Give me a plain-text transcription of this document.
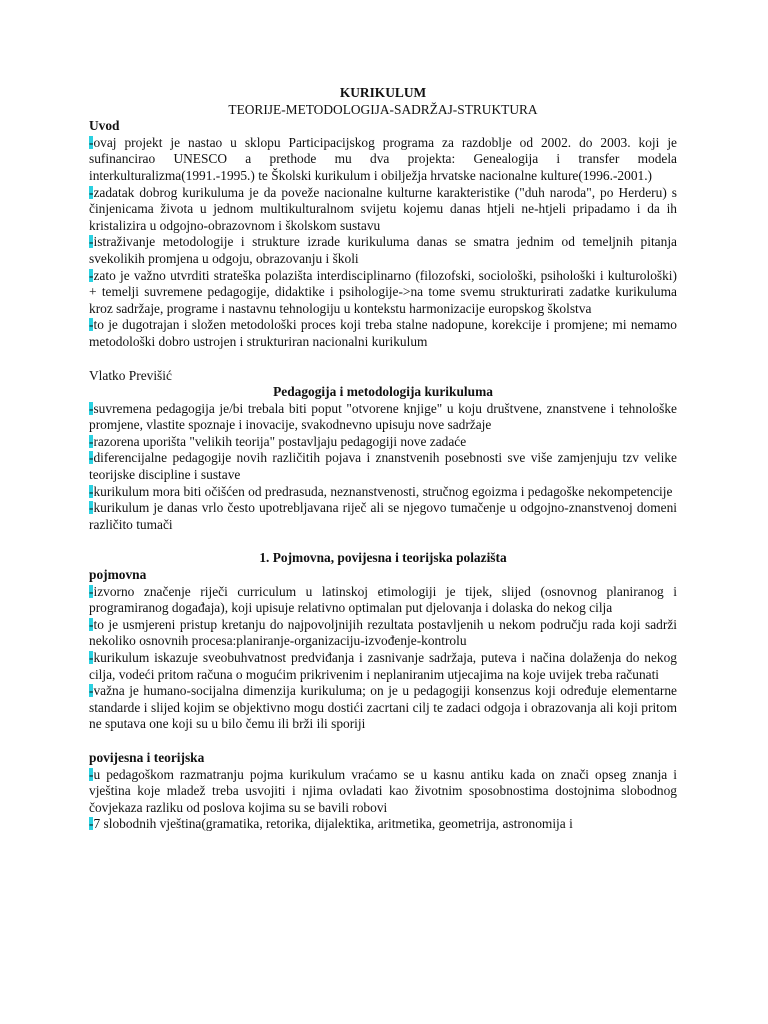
KURIKULUM
TEORIJE-METODOLOGIJA-SADRŽAJ-STRUKTURA
Uvod
-ovaj projekt je nastao u sklopu Participacijskog programa za razdoblje od 2002. do 2003. koji je sufinancirao UNESCO a prethode mu dva projekta: Genealogija i transfer modela interkulturalizma(1991.-1995.) te Školski kurikulum i obilježja hrvatske nacionalne kulture(1996.-2001.)
-zadatak dobrog kurikuluma je da poveže nacionalne kulturne karakteristike ("duh naroda", po Herderu) s činjenicama života u jednom multikulturalnom svijetu kojemu danas htjeli ne-htjeli pripadamo i da ih kristalizira u odgojno-obrazovnom i školskom sustavu
-istraživanje metodologije i strukture izrade kurikuluma danas se smatra jednim od temeljnih pitanja svekolikih promjena u odgoju, obrazovanju i školi
-zato je važno utvrditi strateška polazišta interdisciplinarno (filozofski, sociološki, psihološki i kulturološki) + temelji suvremene pedagogije, didaktike i psihologije->na tome svemu strukturirati zadatke kurikuluma kroz sadržaje, programe i nastavnu tehnologiju u kontekstu harmonizacije europskog školstva
-to je dugotrajan i složen metodološki proces koji treba stalne nadopune, korekcije i promjene; mi nemamo metodološki dobro ustrojen i strukturiran nacionalni kurikulum
Vlatko Previšić
Pedagogija i metodologija kurikuluma
-suvremena pedagogija je/bi trebala biti poput "otvorene knjige" u koju društvene, znanstvene i tehnološke promjene, vlastite spoznaje i inovacije, svakodnevno upisuju nove sadržaje
-razorena uporišta "velikih teorija" postavljaju pedagogiji nove zadaće
-diferencijalne pedagogije novih različitih pojava i znanstvenih posebnosti sve više zamjenjuju tzv velike teorijske discipline i sustave
-kurikulum mora biti očišćen od predrasuda, neznanstvenosti, stručnog egoizma i pedagoške nekompetencije
-kurikulum je danas vrlo često upotrebljavana riječ ali se njegovo tumačenje u odgojno-znanstvenoj domeni različito tumači
1. Pojmovna, povijesna i teorijska polazišta
pojmovna
-izvorno značenje riječi curriculum u latinskoj etimologiji je tijek, slijed (osnovnog planiranog i programiranog događaja), koji upisuje relativno optimalan put djelovanja i dolaska do nekog cilja
-to je usmjereni pristup kretanju do najpovoljnijih rezultata postavljenih u nekom području rada koji sadrži nekoliko osnovnih procesa:planiranje-organizaciju-izvođenje-kontrolu
-kurikulum iskazuje sveobuhvatnost predviđanja i zasnivanje sadržaja, puteva i načina dolaženja do nekog cilja, vodeći pritom računa o mogućim prikrivenim i neplaniranim utjecajima na koje uvijek treba računati
-važna je humano-socijalna dimenzija kurikuluma; on je u pedagogiji konsenzus koji određuje elementarne standarde i slijed kojim se objektivno mogu dostići zacrtani cilj te zadaci odgoja i obrazovanja ali koji pritom ne sputava one koji su u bilo čemu ili brži ili sporiji
povijesna i teorijska
-u pedagoškom razmatranju pojma kurikulum vraćamo se u kasnu antiku kada on znači opseg znanja i vještina koje mladež treba usvojiti i njima ovladati kao životnim sposobnostima dostojnima slobodnog čovjekaza razliku od poslova kojima su se bavili robovi
-7 slobodnih vještina(gramatika, retorika, dijalektika, aritmetika, geometrija, astronomija i
